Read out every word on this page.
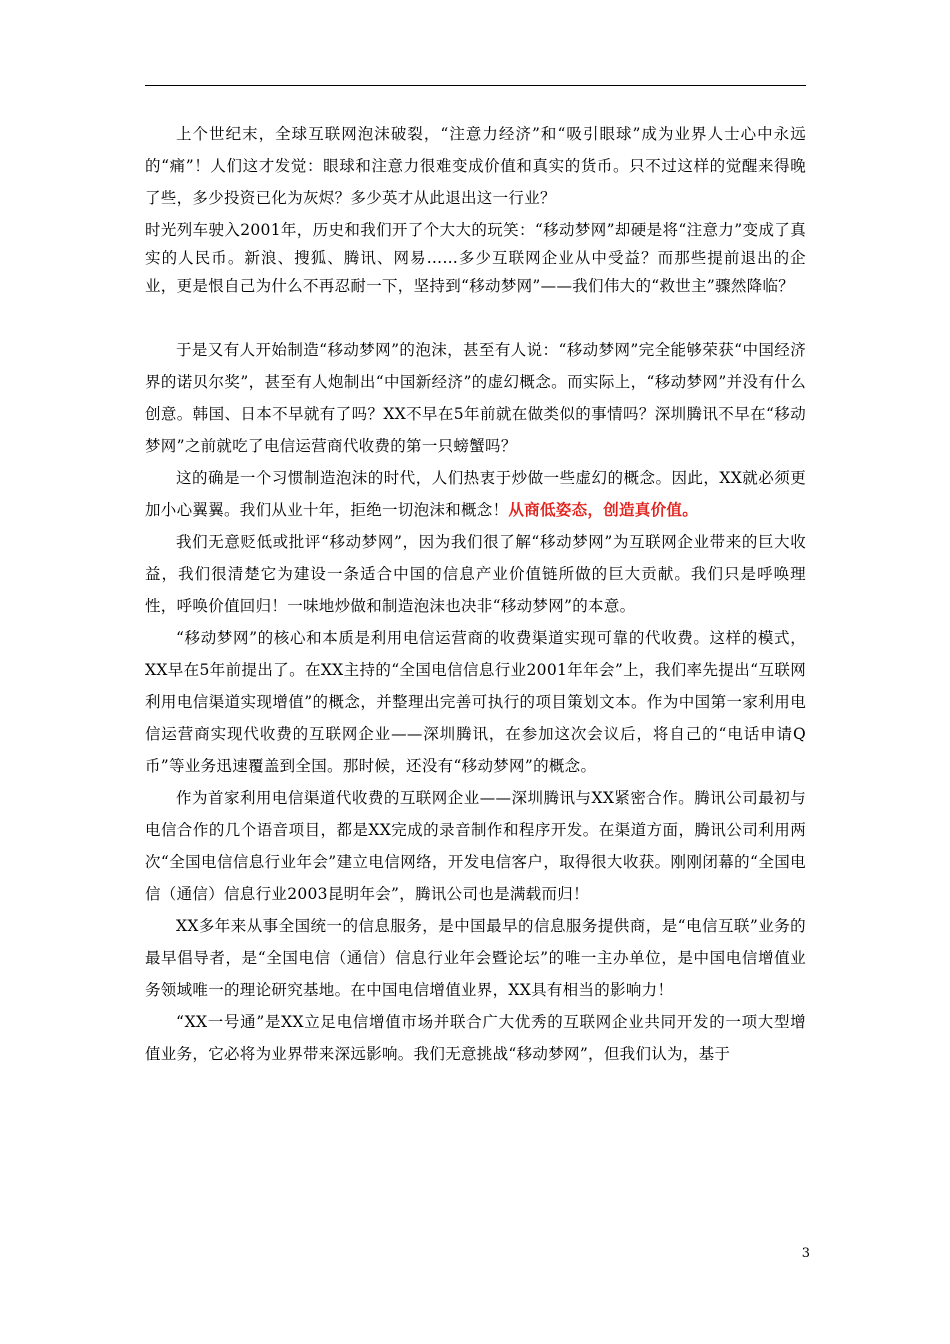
上个世纪末，全球互联网泡沫破裂，“注意力经济”和“吸引眼球”成为业界人士心中永远的“痛”！人们这才发觉：眼球和注意力很难变成价值和真实的货币。只不过这样的觉醒来得晚了些，多少投资已化为灰烬？多少英才从此退出这一行业？

时光列车驶入2001年，历史和我们开了个大大的玩笑：“移动梦网”却硬是将“注意力”变成了真实的人民币。新浪、搜狐、腾讯、网易……多少互联网企业从中受益？而那些提前退出的企业，更是恨自己为什么不再忍耐一下，坚持到“移动梦网”——我们伟大的“救世主”骤然降临？

于是又有人开始制造“移动梦网”的泡沫，甚至有人说：“移动梦网”完全能够荣获“中国经济界的诺贝尔奖”，甚至有人炮制出“中国新经济”的虚幻概念。而实际上，“移动梦网”并没有什么创意。韩国、日本不早就有了吗？XX不早在5年前就在做类似的事情吗？深圳腾讯不早在“移动梦网”之前就吃了电信运营商代收费的第一只螃蟹吗？

这的确是一个习惯制造泡沫的时代，人们热衷于炒做一些虚幻的概念。因此，XX就必须更加小心翼翼。我们从业十年，拒绝一切泡沫和概念！从商低姿态，创造真价值。

我们无意贬低或批评“移动梦网”，因为我们很了解“移动梦网”为互联网企业带来的巨大收益，我们很清楚它为建设一条适合中国的信息产业价值链所做的巨大贡献。我们只是呼唤理性，呼唤价值回归！一味地炒做和制造泡沫也决非“移动梦网”的本意。

“移动梦网”的核心和本质是利用电信运营商的收费渠道实现可靠的代收费。这样的模式，XX早在5年前提出了。在XX主持的“全国电信信息行业2001年年会”上，我们率先提出“互联网利用电信渠道实现增值”的概念，并整理出完善可执行的项目策划文本。作为中国第一家利用电信运营商实现代收费的互联网企业——深圳腾讯，在参加这次会议后，将自己的“电话申请Q币”等业务迅速覆盖到全国。那时候，还没有“移动梦网”的概念。

作为首家利用电信渠道代收费的互联网企业——深圳腾讯与XX紧密合作。腾讯公司最初与电信合作的几个语音项目，都是XX完成的录音制作和程序开发。在渠道方面，腾讯公司利用两次“全国电信信息行业年会”建立电信网络，开发电信客户，取得很大收获。刚刚闭幕的“全国电信（通信）信息行业2003昆明年会”，腾讯公司也是满载而归！

XX多年来从事全国统一的信息服务，是中国最早的信息服务提供商，是“电信互联”业务的最早倡导者，是“全国电信（通信）信息行业年会暨论坛”的唯一主办单位，是中国电信增值业务领域唯一的理论研究基地。在中国电信增值业界，XX具有相当的影响力！

“XX一号通”是XX立足电信增值市场并联合广大优秀的互联网企业共同开发的一项大型增值业务，它必将为业界带来深远影响。我们无意挑战“移动梦网”，但我们认为，基于

3
